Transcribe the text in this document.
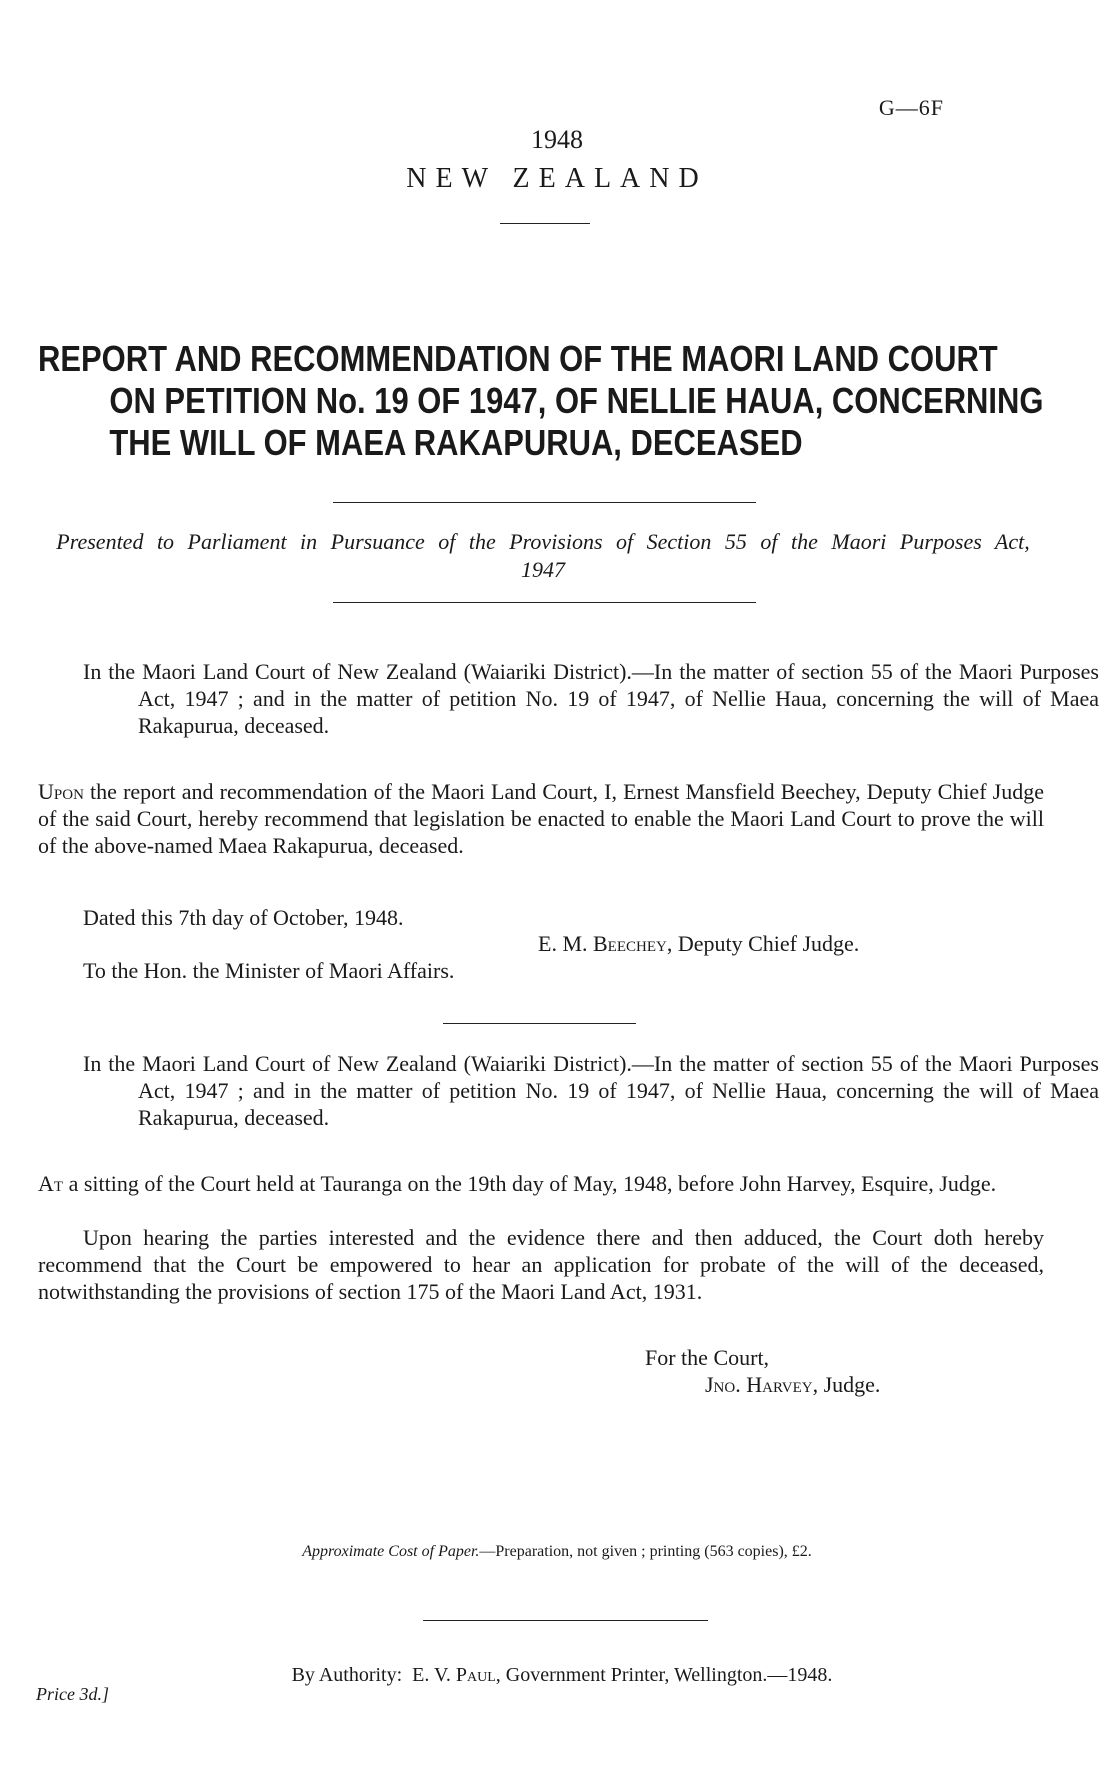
G—6F
1948
NEW ZEALAND
REPORT AND RECOMMENDATION OF THE MAORI LAND COURT
ON PETITION No. 19 OF 1947, OF NELLIE HAUA, CONCERNING
THE WILL OF MAEA RAKAPURUA, DECEASED
Presented to Parliament in Pursuance of the Provisions of Section 55 of the Maori Purposes Act, 1947
In the Maori Land Court of New Zealand (Waiariki District).—In the matter of section 55 of the Maori Purposes Act, 1947 ; and in the matter of petition No. 19 of 1947, of Nellie Haua, concerning the will of Maea Rakapurua, deceased.
Upon the report and recommendation of the Maori Land Court, I, Ernest Mansfield Beechey, Deputy Chief Judge of the said Court, hereby recommend that legislation be enacted to enable the Maori Land Court to prove the will of the above-named Maea Rakapurua, deceased.
Dated this 7th day of October, 1948.
E. M. Beechey, Deputy Chief Judge.
To the Hon. the Minister of Maori Affairs.
In the Maori Land Court of New Zealand (Waiariki District).—In the matter of section 55 of the Maori Purposes Act, 1947 ; and in the matter of petition No. 19 of 1947, of Nellie Haua, concerning the will of Maea Rakapurua, deceased.
At a sitting of the Court held at Tauranga on the 19th day of May, 1948, before John Harvey, Esquire, Judge.
Upon hearing the parties interested and the evidence there and then adduced, the Court doth hereby recommend that the Court be empowered to hear an application for probate of the will of the deceased, notwithstanding the provisions of section 175 of the Maori Land Act, 1931.
For the Court,
Jno. Harvey, Judge.
Approximate Cost of Paper.—Preparation, not given ; printing (563 copies), £2.

By Authority:  E. V. Paul, Government Printer, Wellington.—1948.

Price 3d.]
